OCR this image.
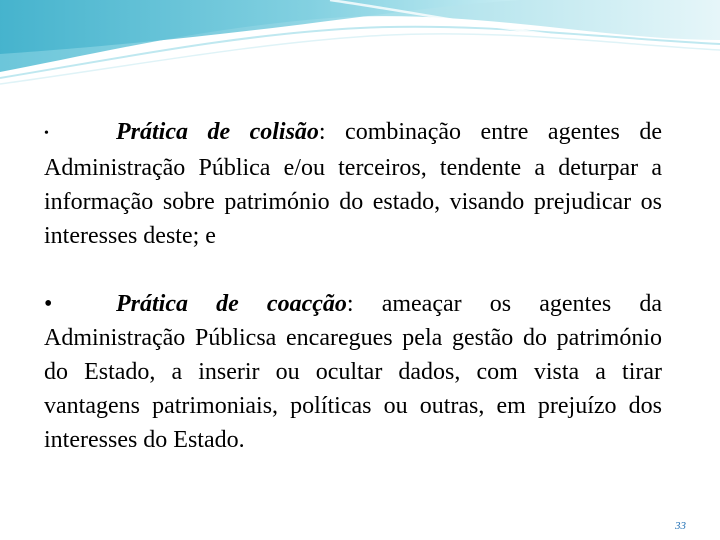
•	Prática de colisão: combinação entre agentes de Administração Pública e/ou terceiros, tendente a deturpar a informação sobre património do estado, visando prejudicar os interesses deste; e

•	Prática de coacção: ameaçar os agentes da Administração Públicsa encaregues pela gestão do património do Estado, a inserir ou ocultar dados, com vista a tirar vantagens patrimoniais, políticas ou outras, em prejuízo dos interesses do Estado.

33
